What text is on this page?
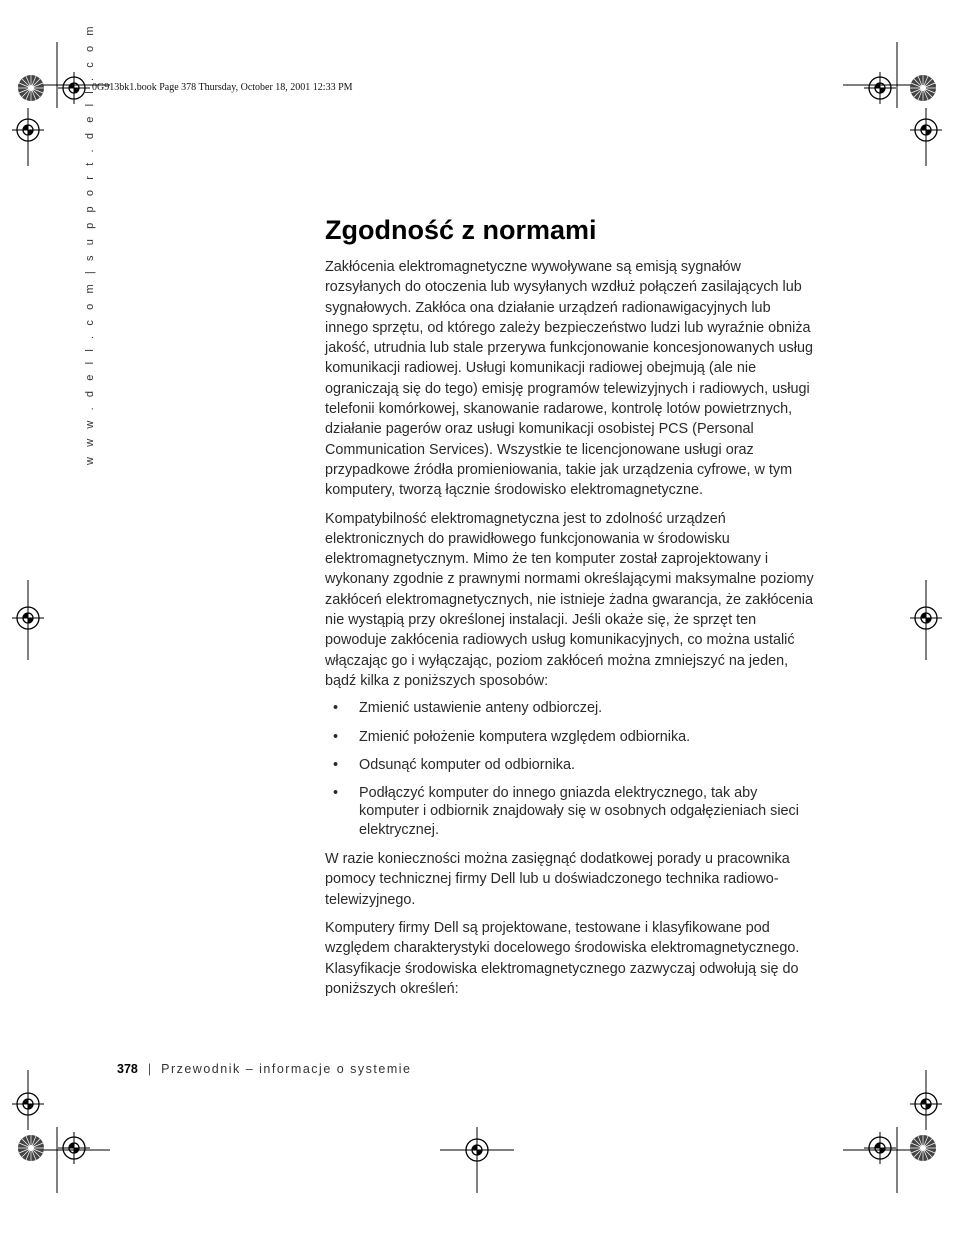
0G913bk1.book Page 378 Thursday, October 18, 2001 12:33 PM
w w w . d e l l . c o m | s u p p o r t . d e l l . c o m	Zgodność z normami

Zakłócenia elektromagnetyczne wywoływane są emisją sygnałów rozsyłanych do otoczenia lub wysyłanych wzdłuż połączeń zasilających lub sygnałowych. Zakłóca ona działanie urządzeń radionawigacyjnych lub innego sprzętu, od którego zależy bezpieczeństwo ludzi lub wyraźnie obniża jakość, utrudnia lub stale przerywa funkcjonowanie koncesjonowanych usług komunikacji radiowej. Usługi komunikacji radiowej obejmują (ale nie ograniczają się do tego) emisję programów telewizyjnych i radiowych, usługi telefonii komórkowej, skanowanie radarowe, kontrolę lotów powietrznych, działanie pagerów oraz usługi komunikacji osobistej PCS (Personal Communication Services). Wszystkie te licencjonowane usługi oraz przypadkowe źródła promieniowania, takie jak urządzenia cyfrowe, w tym komputery, tworzą łącznie środowisko elektromagnetyczne.

Kompatybilność elektromagnetyczna jest to zdolność urządzeń elektronicznych do prawidłowego funkcjonowania w środowisku elektromagnetycznym. Mimo że ten komputer został zaprojektowany i wykonany zgodnie z prawnymi normami określającymi maksymalne poziomy zakłóceń elektromagnetycznych, nie istnieje żadna gwarancja, że zakłócenia nie wystąpią przy określonej instalacji. Jeśli okaże się, że sprzęt ten powoduje zakłócenia radiowych usług komunikacyjnych, co można ustalić włączając go i wyłączając, poziom zakłóceń można zmniejszyć na jeden, bądź kilka z poniższych sposobów:

• Zmienić ustawienie anteny odbiorczej.
• Zmienić położenie komputera względem odbiornika.
• Odsunąć komputer od odbiornika.
• Podłączyć komputer do innego gniazda elektrycznego, tak aby komputer i odbiornik znajdowały się w osobnych odgałęzieniach sieci elektrycznej.

W razie konieczności można zasięgnąć dodatkowej porady u pracownika pomocy technicznej firmy Dell lub u doświadczonego technika radiowo-telewizyjnego.

Komputery firmy Dell są projektowane, testowane i klasyfikowane pod względem charakterystyki docelowego środowiska elektromagnetycznego. Klasyfikacje środowiska elektromagnetycznego zazwyczaj odwołują się do poniższych określeń:

378 | Przewodnik – informacje o systemie
